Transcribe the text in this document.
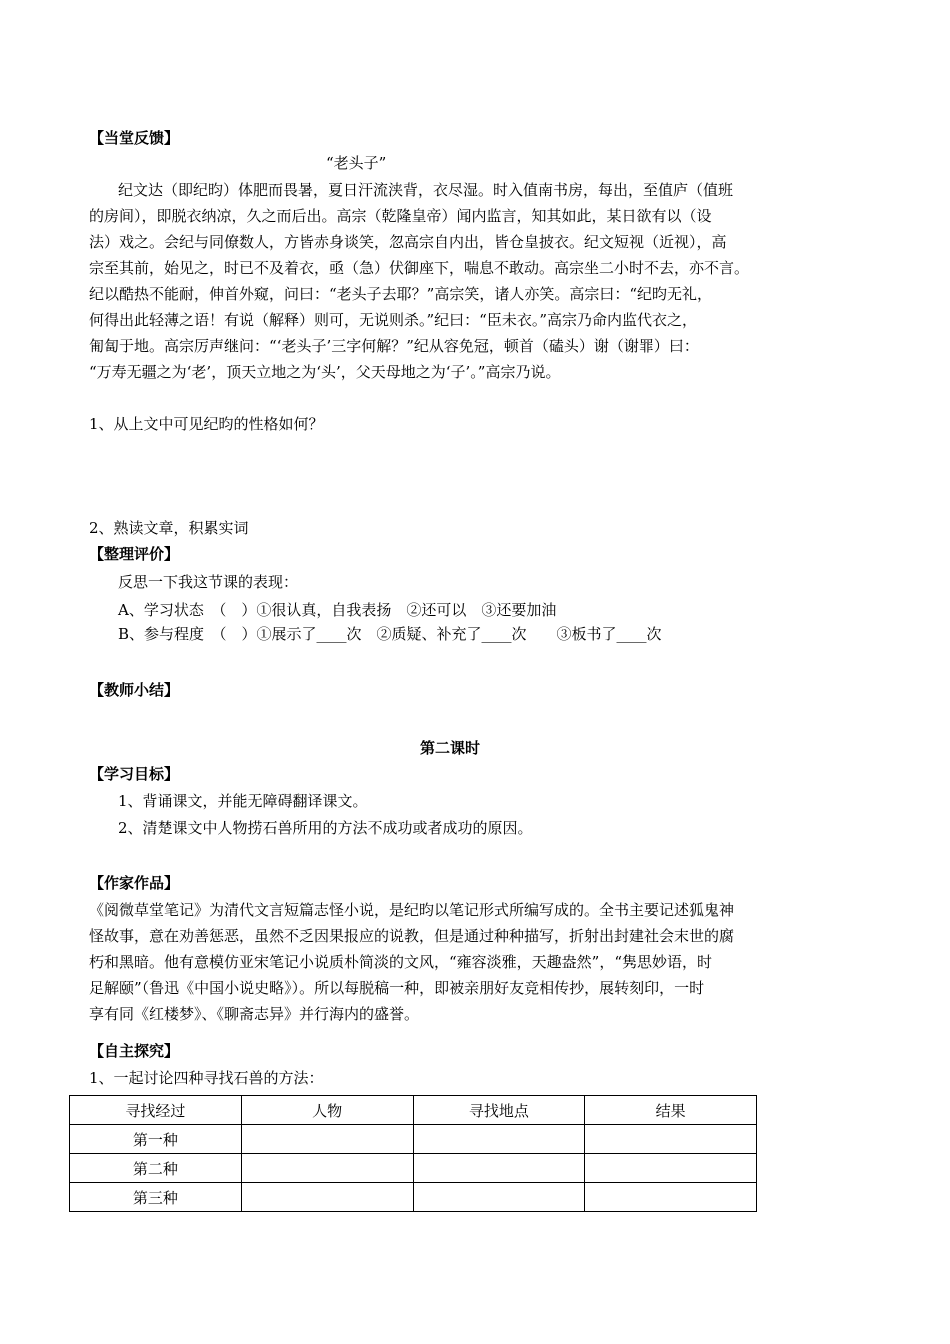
【当堂反馈】
“老头子”
纪文达（即纪昀）体肥而畏暑，夏日汗流浃背，衣尽湿。时入值南书房，每出，至值庐（值班
的房间），即脱衣纳凉，久之而后出。高宗（乾隆皇帝）闻内监言，知其如此，某日欲有以（设
法）戏之。会纪与同僚数人，方皆赤身谈笑，忽高宗自内出，皆仓皇披衣。纪文短视（近视），高
宗至其前，始见之，时已不及着衣，亟（急）伏御座下，喘息不敢动。高宗坐二小时不去，亦不言。
纪以酷热不能耐，伸首外窥，问曰：“老头子去耶？”高宗笑，诸人亦笑。高宗曰：“纪昀无礼，
何得出此轻薄之语！有说（解释）则可，无说则杀。”纪曰：“臣未衣。”高宗乃命内监代衣之，
匍匐于地。高宗厉声继问：“‘老头子’三字何解？”纪从容免冠，顿首（磕头）谢（谢罪）曰：
“万寿无疆之为‘老’，顶天立地之为‘头’，父天母地之为‘子’。”高宗乃说。
1、从上文中可见纪昀的性格如何？
2、熟读文章，积累实词
【整理评价】
反思一下我这节课的表现：
A、学习状态　（　）①很认真，自我表扬　②还可以　③还要加油
B、参与程度　（　）①展示了____次　②质疑、补充了____次　　③板书了____次
【教师小结】
第二课时
【学习目标】
1、背诵课文，并能无障碍翻译课文。
2、清楚课文中人物捞石兽所用的方法不成功或者成功的原因。
【作家作品】
《阅微草堂笔记》为清代文言短篇志怪小说，是纪昀以笔记形式所编写成的。全书主要记述狐鬼神
怪故事，意在劝善惩恶，虽然不乏因果报应的说教，但是通过种种描写，折射出封建社会末世的腐
朽和黑暗。他有意模仿亚宋笔记小说质朴简淡的文风，“雍容淡雅，天趣盎然”，“隽思妙语，时
足解颐”（鲁迅《中国小说史略》）。所以每脱稿一种，即被亲朋好友竞相传抄，展转刻印，一时
享有同《红楼梦》、《聊斋志异》并行海内的盛誉。
【自主探究】
1、一起讨论四种寻找石兽的方法：
寻找经过	人物	寻找地点	结果
第一种			
第二种			
第三种			
